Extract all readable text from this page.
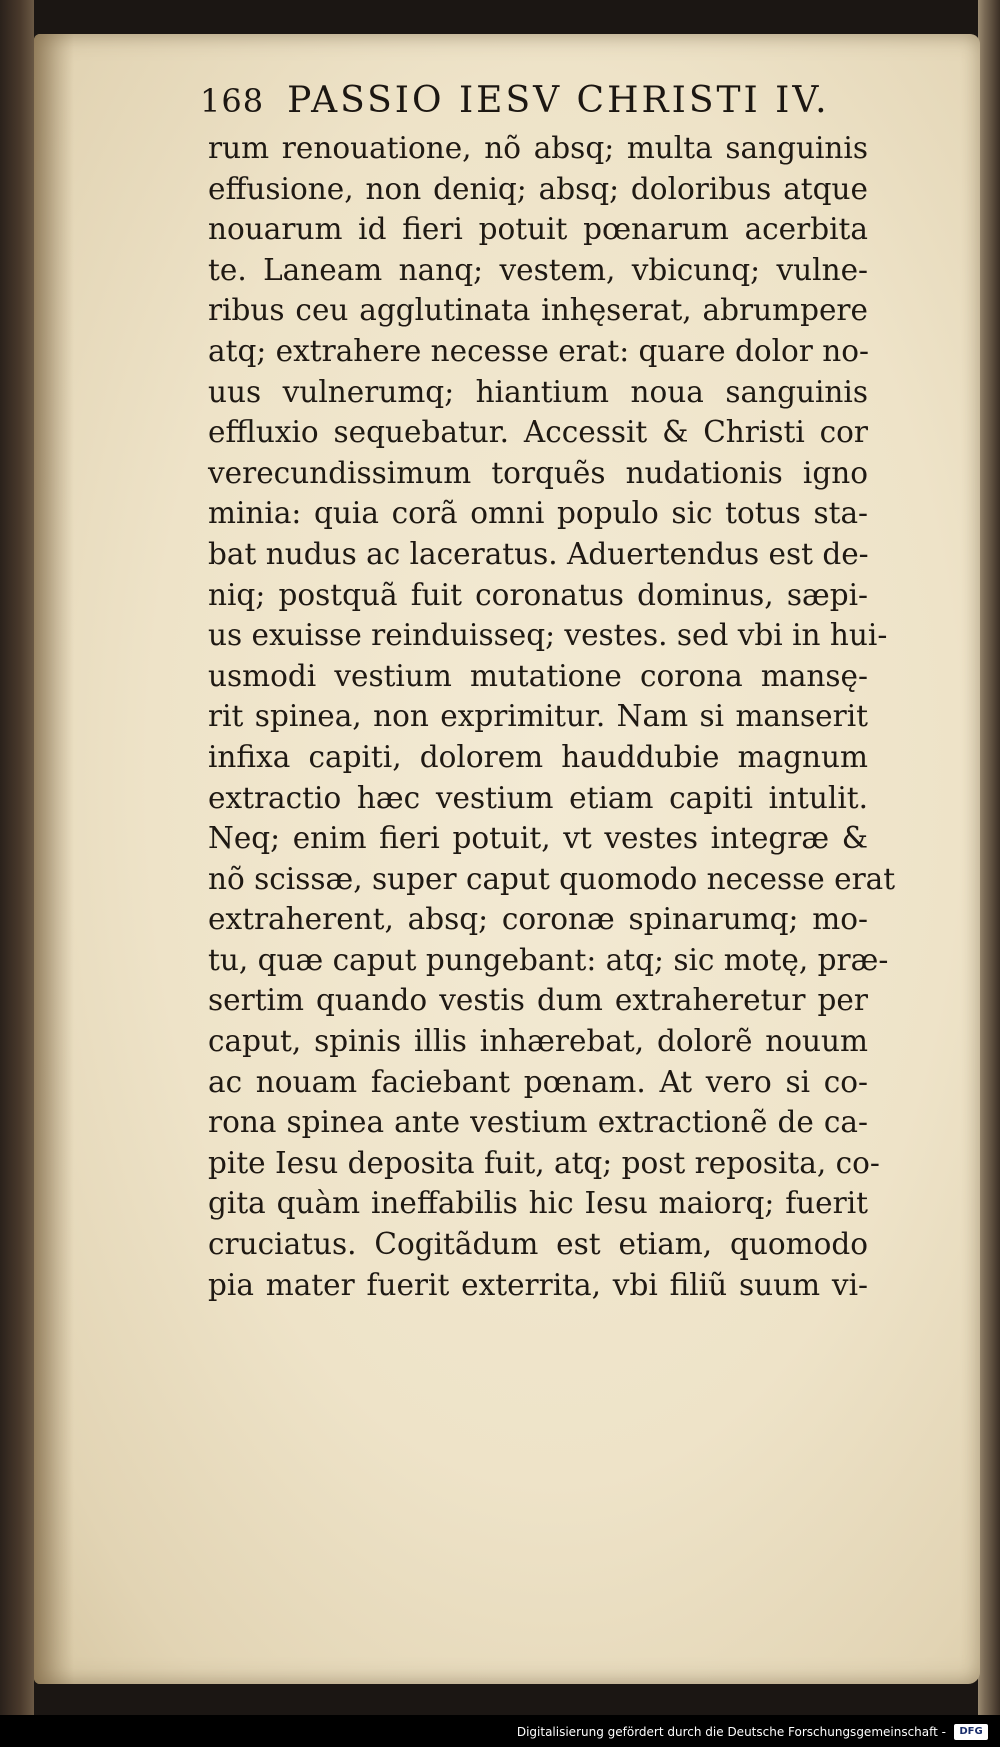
168 PASSIO IESV CHRISTI IV.
rum renouatione, nõ absq; multa sanguinis
effusione, non deniq; absq; doloribus atque
nouarum id fieri potuit pœnarum acerbita
te. Laneam nanq; vestem, vbicunq; vulne-
ribus ceu agglutinata inhęserat, abrumpere
atq; extrahere necesse erat: quare dolor no-
uus vulnerumq; hiantium noua sanguinis
effluxio sequebatur. Accessit & Christi cor
verecundissimum torquẽs nudationis igno
minia: quia corã omni populo sic totus sta-
bat nudus ac laceratus. Aduertendus est de-
niq; postquã fuit coronatus dominus, sæpi-
us exuisse reinduisseq; vestes. sed vbi in hui-
usmodi vestium mutatione corona mansę-
rit spinea, non exprimitur. Nam si manserit
infixa capiti, dolorem hauddubie magnum
extractio hæc vestium etiam capiti intulit.
Neq; enim fieri potuit, vt vestes integræ &
nõ scissæ, super caput quomodo necesse erat
extraherent, absq; coronæ spinarumq; mo-
tu, quæ caput pungebant: atq; sic motę, præ-
sertim quando vestis dum extraheretur per
caput, spinis illis inhærebat, dolorẽ nouum
ac nouam faciebant pœnam. At vero si co-
rona spinea ante vestium extractionẽ de ca-
pite Iesu deposita fuit, atq; post reposita, co-
gita quàm ineffabilis hic Iesu maiorq; fuerit
cruciatus. Cogitãdum est etiam, quomodo
pia mater fuerit exterrita, vbi filiũ suum vi-
Digitalisierung gefördert durch die Deutsche Forschungsgemeinschaft -	DFG
